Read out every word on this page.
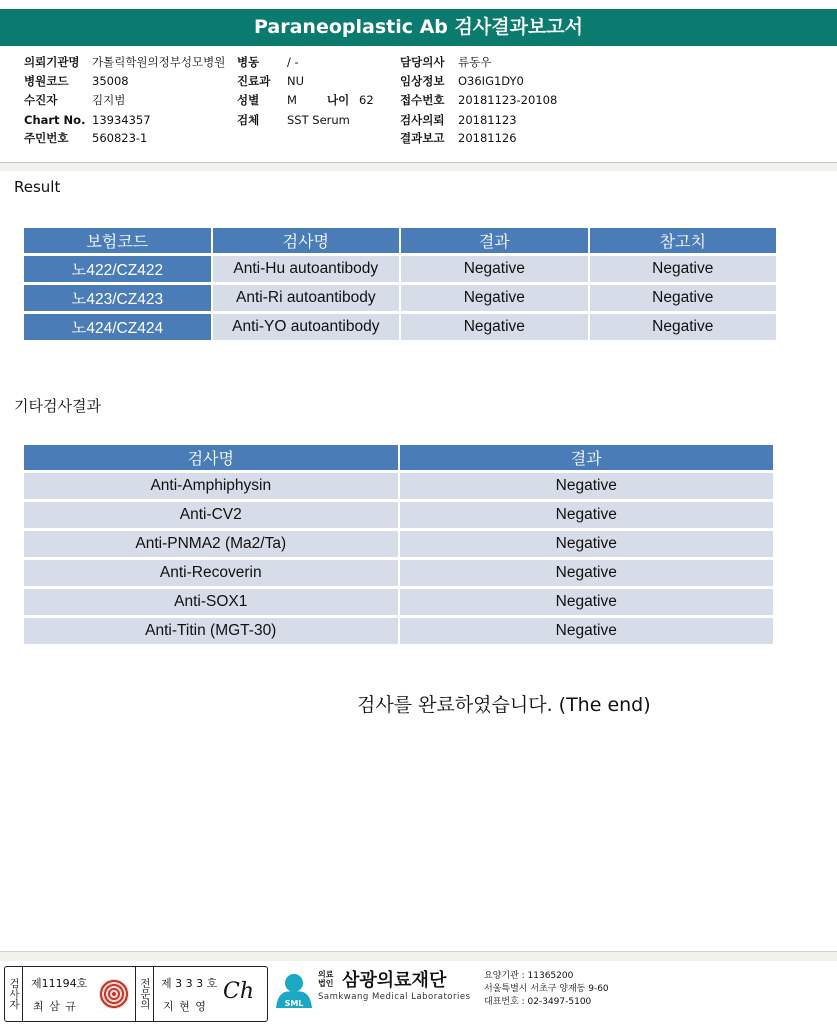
Paraneoplastic Ab 검사결과보고서
의뢰기관명 가톨릭학원의정부성모병원
병원코드 35008
수진자	김지범
Chart No. 13934357
주민번호 560823-1
병동 / -
진료과 NU
성별 M	나이 62
검체 SST Serum
담당의사 류동우
임상정보 O36IG1DY0
접수번호 20181123-20108
검사의뢰 20181123
결과보고 20181126
Result
보험코드	검사명	결과	참고치
노422/CZ422	Anti-Hu autoantibody	Negative	Negative
노423/CZ423	Anti-Ri autoantibody	Negative	Negative
노424/CZ424	Anti-YO autoantibody	Negative	Negative
기타검사결과
검사명	결과
Anti-Amphiphysin	Negative
Anti-CV2	Negative
Anti-PNMA2 (Ma2/Ta)	Negative
Anti-Recoverin	Negative
Anti-SOX1	Negative
Anti-Titin (MGT-30)	Negative
검사를 완료하였습니다. (The end)
검사자 제11194호
최 삼 규	전문의 제 3 3 3 호
지 현 영
Ch	SML
의료 법인 삼광의료재단
Samkwang Medical Laboratories
요양기관 : 11365200
서울특별시 서초구 양재동 9-60
대표번호 : 02-3497-5100
